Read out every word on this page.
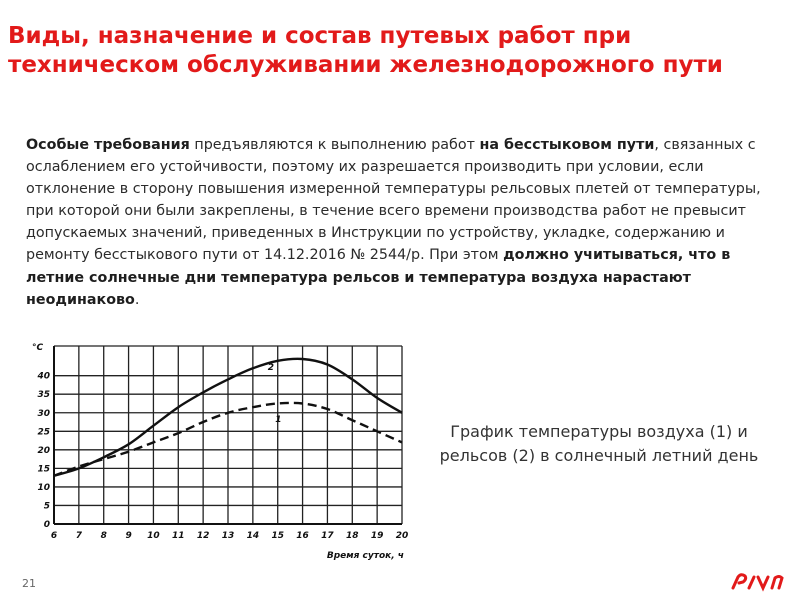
Виды, назначение и состав путевых работ при техническом обслуживании железнодорожного пути

Особые требования предъявляются к выполнению работ на бесстыковом пути, связанных с ослаблением его устойчивости, поэтому их разрешается производить при условии, если отклонение в сторону повышения измеренной температуры рельсовых плетей от температуры, при которой они были закреплены, в течение всего времени производства работ не превысит допускаемых значений, приведенных в Инструкции по устройству, укладке, содержанию и ремонту бесстыкового пути от 14.12.2016 № 2544/р. При этом должно учитываться, что в летние солнечные дни температура рельсов и температура воздуха нарастают неодинаково.

0
5
10
15
20
25
30
35
40
6 7 8 9 10 11 12 13 14 15 16 17 18 19 20
1
2
°C
Время суток, ч

График температуры воздуха (1) и рельсов (2) в солнечный летний день

21
